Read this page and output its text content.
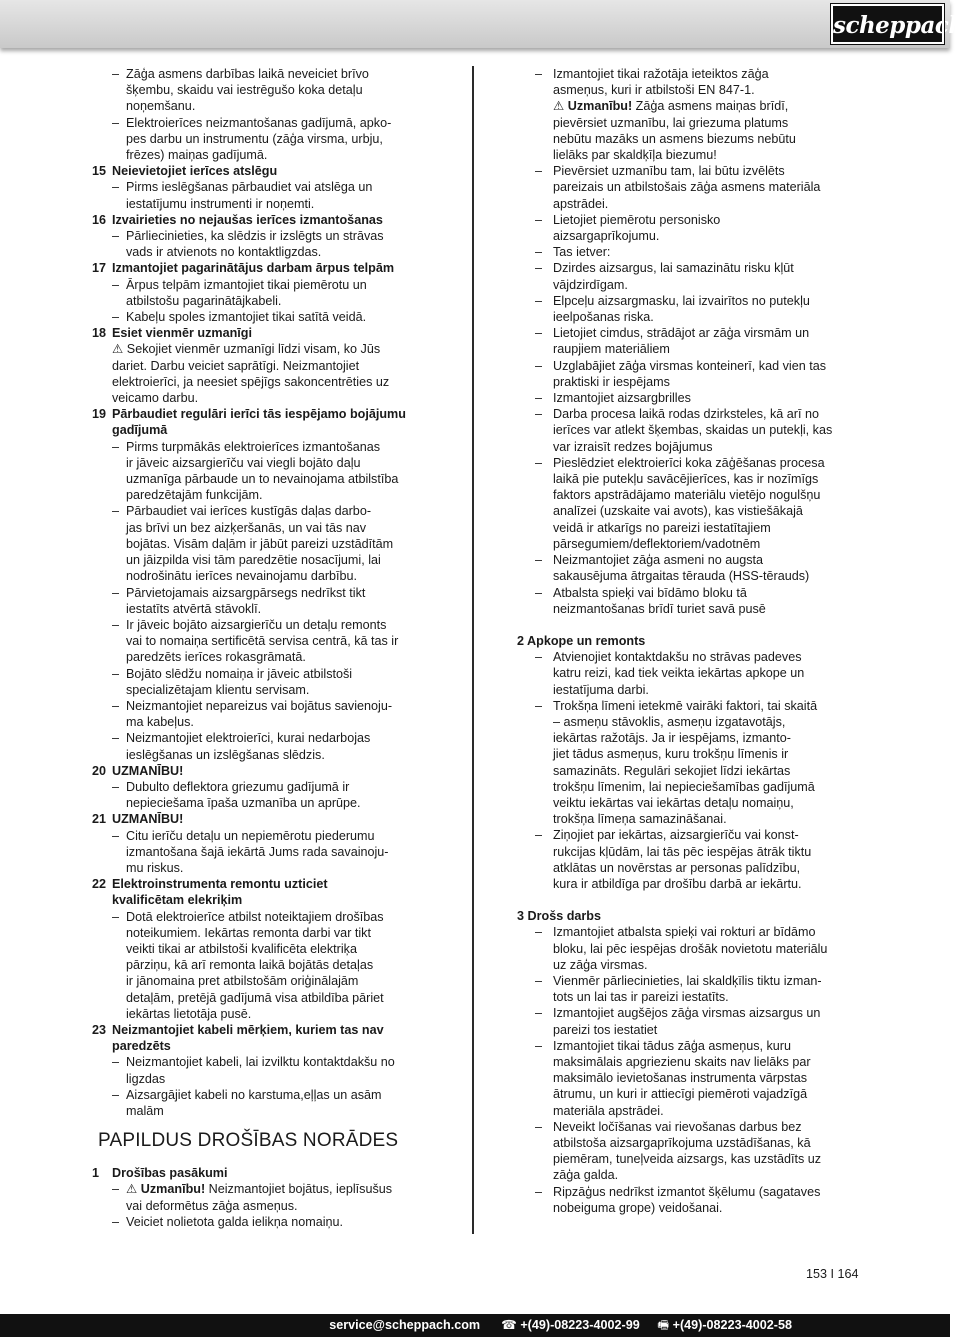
scheppach
– Zāģa asmens darbības laikā neveiciet brīvo
šķembu, skaidu vai iestrēgušo koka detaļu
noņemšanu.
– Elektroierīces neizmantošanas gadījumā, apko-
pes darbu un instrumentu (zāģa virsma, urbju,
frēzes) maiņas gadījumā.
15 Neievietojiet ierīces atslēgu
– Pirms ieslēgšanas pārbaudiet vai atslēga un
iestatījumu instrumenti ir noņemti.
16 Izvairieties no nejaušas ierīces izmantošanas
– Pārliecinieties, ka slēdzis ir izslēgts un strāvas
vads ir atvienots no kontaktligzdas.
17 Izmantojiet pagarinātājus darbam ārpus telpām
– Ārpus telpām izmantojiet tikai piemērotu un
atbilstošu pagarinātājkabeli.
– Kabeļu spoles izmantojiet tikai satītā veidā.
18 Esiet vienmēr uzmanīgi
⚠ Sekojiet vienmēr uzmanīgi līdzi visam, ko Jūs
dariet. Darbu veiciet saprātīgi. Neizmantojiet
elektroierīci, ja neesiet spējīgs sakoncentrēties uz
veicamo darbu.
19 Pārbaudiet regulāri ierīci tās iespējamo bojājumu
gadījumā
– Pirms turpmākās elektroierīces izmantošanas
ir jāveic aizsargierīču vai viegli bojāto daļu
uzmanīga pārbaude un to nevainojama atbilstība
paredzētajām funkcijām.
– Pārbaudiet vai ierīces kustīgās daļas darbo-
jas brīvi un bez aizķeršanās, un vai tās nav
bojātas. Visām daļām ir jābūt pareizi uzstādītām
un jāizpilda visi tām paredzētie nosacījumi, lai
nodrošinātu ierīces nevainojamu darbību.
– Pārvietojamais aizsargpārsegs nedrīkst tikt
iestatīts atvērtā stāvoklī.
– Ir jāveic bojāto aizsargierīču un detaļu remonts
vai to nomaiņa sertificētā servisa centrā, kā tas ir
paredzēts ierīces rokasgrāmatā.
– Bojāto slēdžu nomaiņa ir jāveic atbilstoši
specializētajam klientu servisam.
– Neizmantojiet nepareizus vai bojātus savienoju-
ma kabeļus.
– Neizmantojiet elektroierīci, kurai nedarbojas
ieslēgšanas un izslēgšanas slēdzis.
20 UZMANĪBU!
– Dubulto deflektora griezumu gadījumā ir
nepieciešama īpaša uzmanība un aprūpe.
21 UZMANĪBU!
– Citu ierīču detaļu un nepiemērotu piederumu
izmantošana šajā iekārtā Jums rada savainoju-
mu riskus.
22 Elektroinstrumenta remontu uzticiet
kvalificētam elekriķim
– Dotā elektroierīce atbilst noteiktajiem drošības
noteikumiem. Iekārtas remonta darbi var tikt
veikti tikai ar atbilstoši kvalificēta elektriķa
pārziņu, kā arī remonta laikā bojātās detaļas
ir jānomaina pret atbilstošām oriģinālajām
detaļām, pretējā gadījumā visa atbildība pāriet
iekārtas lietotāja pusē.
23 Neizmantojiet kabeli mērķiem, kuriem tas nav
paredzēts
– Neizmantojiet kabeli, lai izvilktu kontaktdakšu no
ligzdas
– Aizsargājiet kabeli no karstuma,eļļas un asām
malām
PAPILDUS DROŠĪBAS NORĀDES
1 Drošības pasākumi
– ⚠ Uzmanību! Neizmantojiet bojātus, ieplīsušus
vai deformētus zāģa asmeņus.
– Veiciet nolietota galda ielikņa nomaiņu.
– Izmantojiet tikai ražotāja ieteiktos zāģa
asmeņus, kuri ir atbilstoši EN 847-1.
⚠ Uzmanību! Zāģa asmens maiņas brīdī,
pievērsiet uzmanību, lai griezuma platums
nebūtu mazāks un asmens biezums nebūtu
lielāks par skaldķīļa biezumu!
– Pievērsiet uzmanību tam, lai būtu izvēlēts
pareizais un atbilstošais zāģa asmens materiāla
apstrādei.
– Lietojiet piemērotu personisko
aizsargaprīkojumu.
– Tas ietver:
– Dzirdes aizsargus, lai samazinātu risku kļūt
vājdzirdīgam.
– Elpceļu aizsargmasku, lai izvairītos no putekļu
ieelpošanas riska.
– Lietojiet cimdus, strādājot ar zāģa virsmām un
raupjiem materiāliem
– Uzglabājiet zāģa virsmas konteinerī, kad vien tas
praktiski ir iespējams
– Izmantojiet aizsargbrilles
– Darba procesa laikā rodas dzirksteles, kā arī no
ierīces var atlekt šķembas, skaidas un putekļi, kas
var izraisīt redzes bojājumus
– Pieslēdziet elektroierīci koka zāģēšanas procesa
laikā pie putekļu savācējierīces, kas ir nozīmīgs
faktors apstrādājamo materiālu vietējo nogulšņu
analīzei (uzskaite vai avots), kas vistiešākajā
veidā ir atkarīgs no pareizi iestatītajiem
pārsegumiem/deflektoriem/vadotnēm
– Neizmantojiet zāģa asmeni no augsta
sakausējuma ātrgaitas tērauda (HSS-tērauds)
– Atbalsta spieķi vai bīdāmo bloku tā
neizmantošanas brīdī turiet savā pusē
2 Apkope un remonts
– Atvienojiet kontaktdakšu no strāvas padeves
katru reizi, kad tiek veikta iekārtas apkope un
iestatījuma darbi.
– Trokšņa līmeni ietekmē vairāki faktori, tai skaitā
– asmeņu stāvoklis, asmeņu izgatavotājs,
iekārtas ražotājs. Ja ir iespējams, izmanto-
jiet tādus asmeņus, kuru trokšņu līmenis ir
samazināts. Regulāri sekojiet līdzi iekārtas
trokšņu līmenim, lai nepieciešamības gadījumā
veiktu iekārtas vai iekārtas detaļu nomaiņu,
trokšņa līmeņa samazināšanai.
– Ziņojiet par iekārtas, aizsargierīču vai konst-
rukcijas kļūdām, lai tās pēc iespējas ātrāk tiktu
atklātas un novērstas ar personas palīdzību,
kura ir atbildīga par drošību darbā ar iekārtu.
3 Drošs darbs
– Izmantojiet atbalsta spieķi vai rokturi ar bīdāmo
bloku, lai pēc iespējas drošāk novietotu materiālu
uz zāģa virsmas.
– Vienmēr pārliecinieties, lai skaldķīlis tiktu izman-
tots un lai tas ir pareizi iestatīts.
– Izmantojiet augšējos zāģa virsmas aizsargus un
pareizi tos iestatiet
– Izmantojiet tikai tādus zāģa asmeņus, kuru
maksimālais apgriezienu skaits nav lielāks par
maksimālo ievietošanas instrumenta vārpstas
ātrumu, un kuri ir attiecīgi piemēroti vajadzīgā
materiāla apstrādei.
– Neveikt ločīšanas vai rievošanas darbus bez
atbilstoša aizsargaprīkojuma uzstādīšanas, kā
piemēram, tuneļveida aizsargs, kas uzstādīts uz
zāģa galda.
– Ripzāģus nedrīkst izmantot šķēlumu (sagataves
nobeiguma grope) veidošanai.
153 I 164
service@scheppach.com ☎ +(49)-08223-4002-99 🖷 +(49)-08223-4002-58
